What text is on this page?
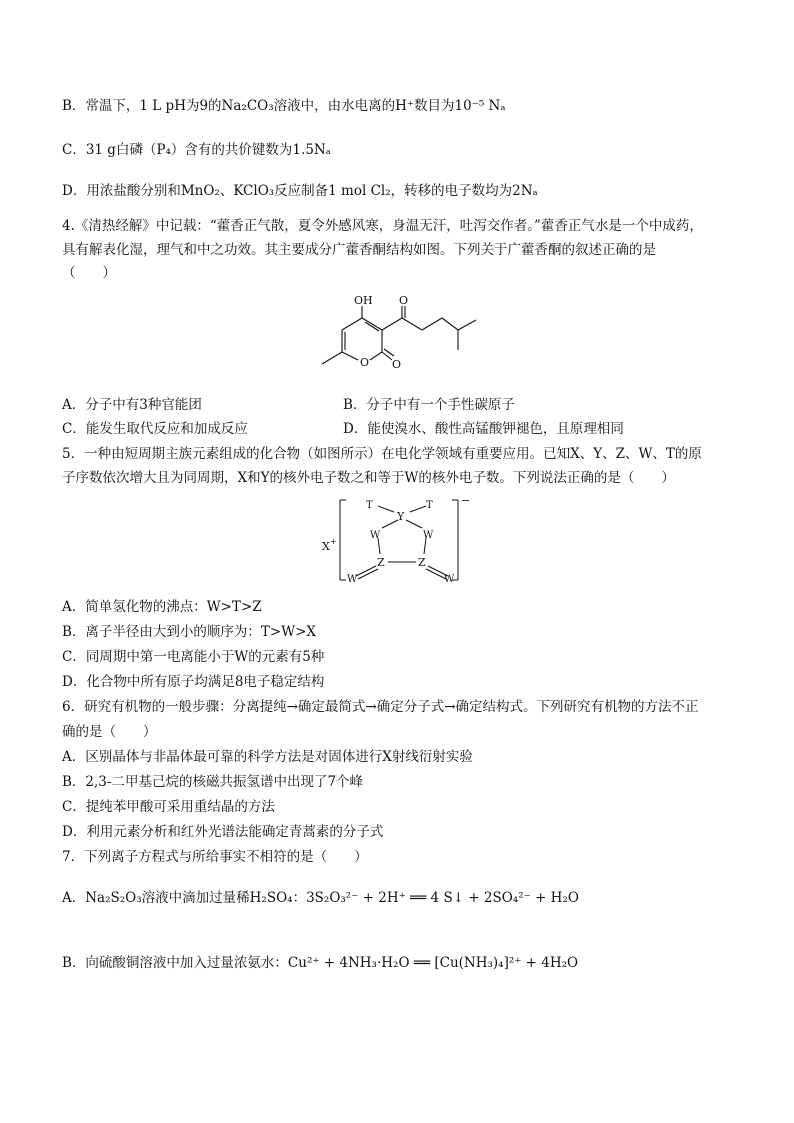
B．常温下，1 L pH为9的Na₂CO₃溶液中，由水电离的H⁺数目为10⁻⁵ Nₐ
C．31 g白磷（P₄）含有的共价键数为1.5Nₐ
D．用浓盐酸分别和MnO₂、KClO₃反应制备1 mol Cl₂，转移的电子数均为2Nₐ
4.《清热经解》中记载：“藿香正气散，夏令外感风寒，身温无汗，吐泻交作者。”藿香正气水是一个中成药，
具有解表化湿，理气和中之功效。其主要成分广藿香酮结构如图。下列关于广藿香酮的叙述正确的是
（　　）
OH O
O O
A．分子中有3种官能团	B．分子中有一个手性碳原子
C．能发生取代反应和加成反应	D．能使溴水、酸性高锰酸钾褪色，且原理相同
5．一种由短周期主族元素组成的化合物（如图所示）在电化学领域有重要应用。已知X、Y、Z、W、T的原
子序数依次增大且为同周期，X和Y的核外电子数之和等于W的核外电子数。下列说法正确的是（　　）
X +
T	T
Y
W	W
Z	Z
W	W
−
A．简单氢化物的沸点：W>T>Z
B．离子半径由大到小的顺序为：T>W>X
C．同周期中第一电离能小于W的元素有5种
D．化合物中所有原子均满足8电子稳定结构
6．研究有机物的一般步骤：分离提纯→确定最简式→确定分子式→确定结构式。下列研究有机物的方法不正
确的是（　　）
A．区别晶体与非晶体最可靠的科学方法是对固体进行X射线衍射实验
B．2,3-二甲基己烷的核磁共振氢谱中出现了7个峰
C．提纯苯甲酸可采用重结晶的方法
D．利用元素分析和红外光谱法能确定青蒿素的分子式
7．下列离子方程式与所给事实不相符的是（　　）
A．Na₂S₂O₃溶液中滴加过量稀H₂SO₄：3S₂O₃²⁻ + 2H⁺ ══ 4 S↓ + 2SO₄²⁻ + H₂O
B．向硫酸铜溶液中加入过量浓氨水：Cu²⁺ + 4NH₃·H₂O ══ [Cu(NH₃)₄]²⁺ + 4H₂O
